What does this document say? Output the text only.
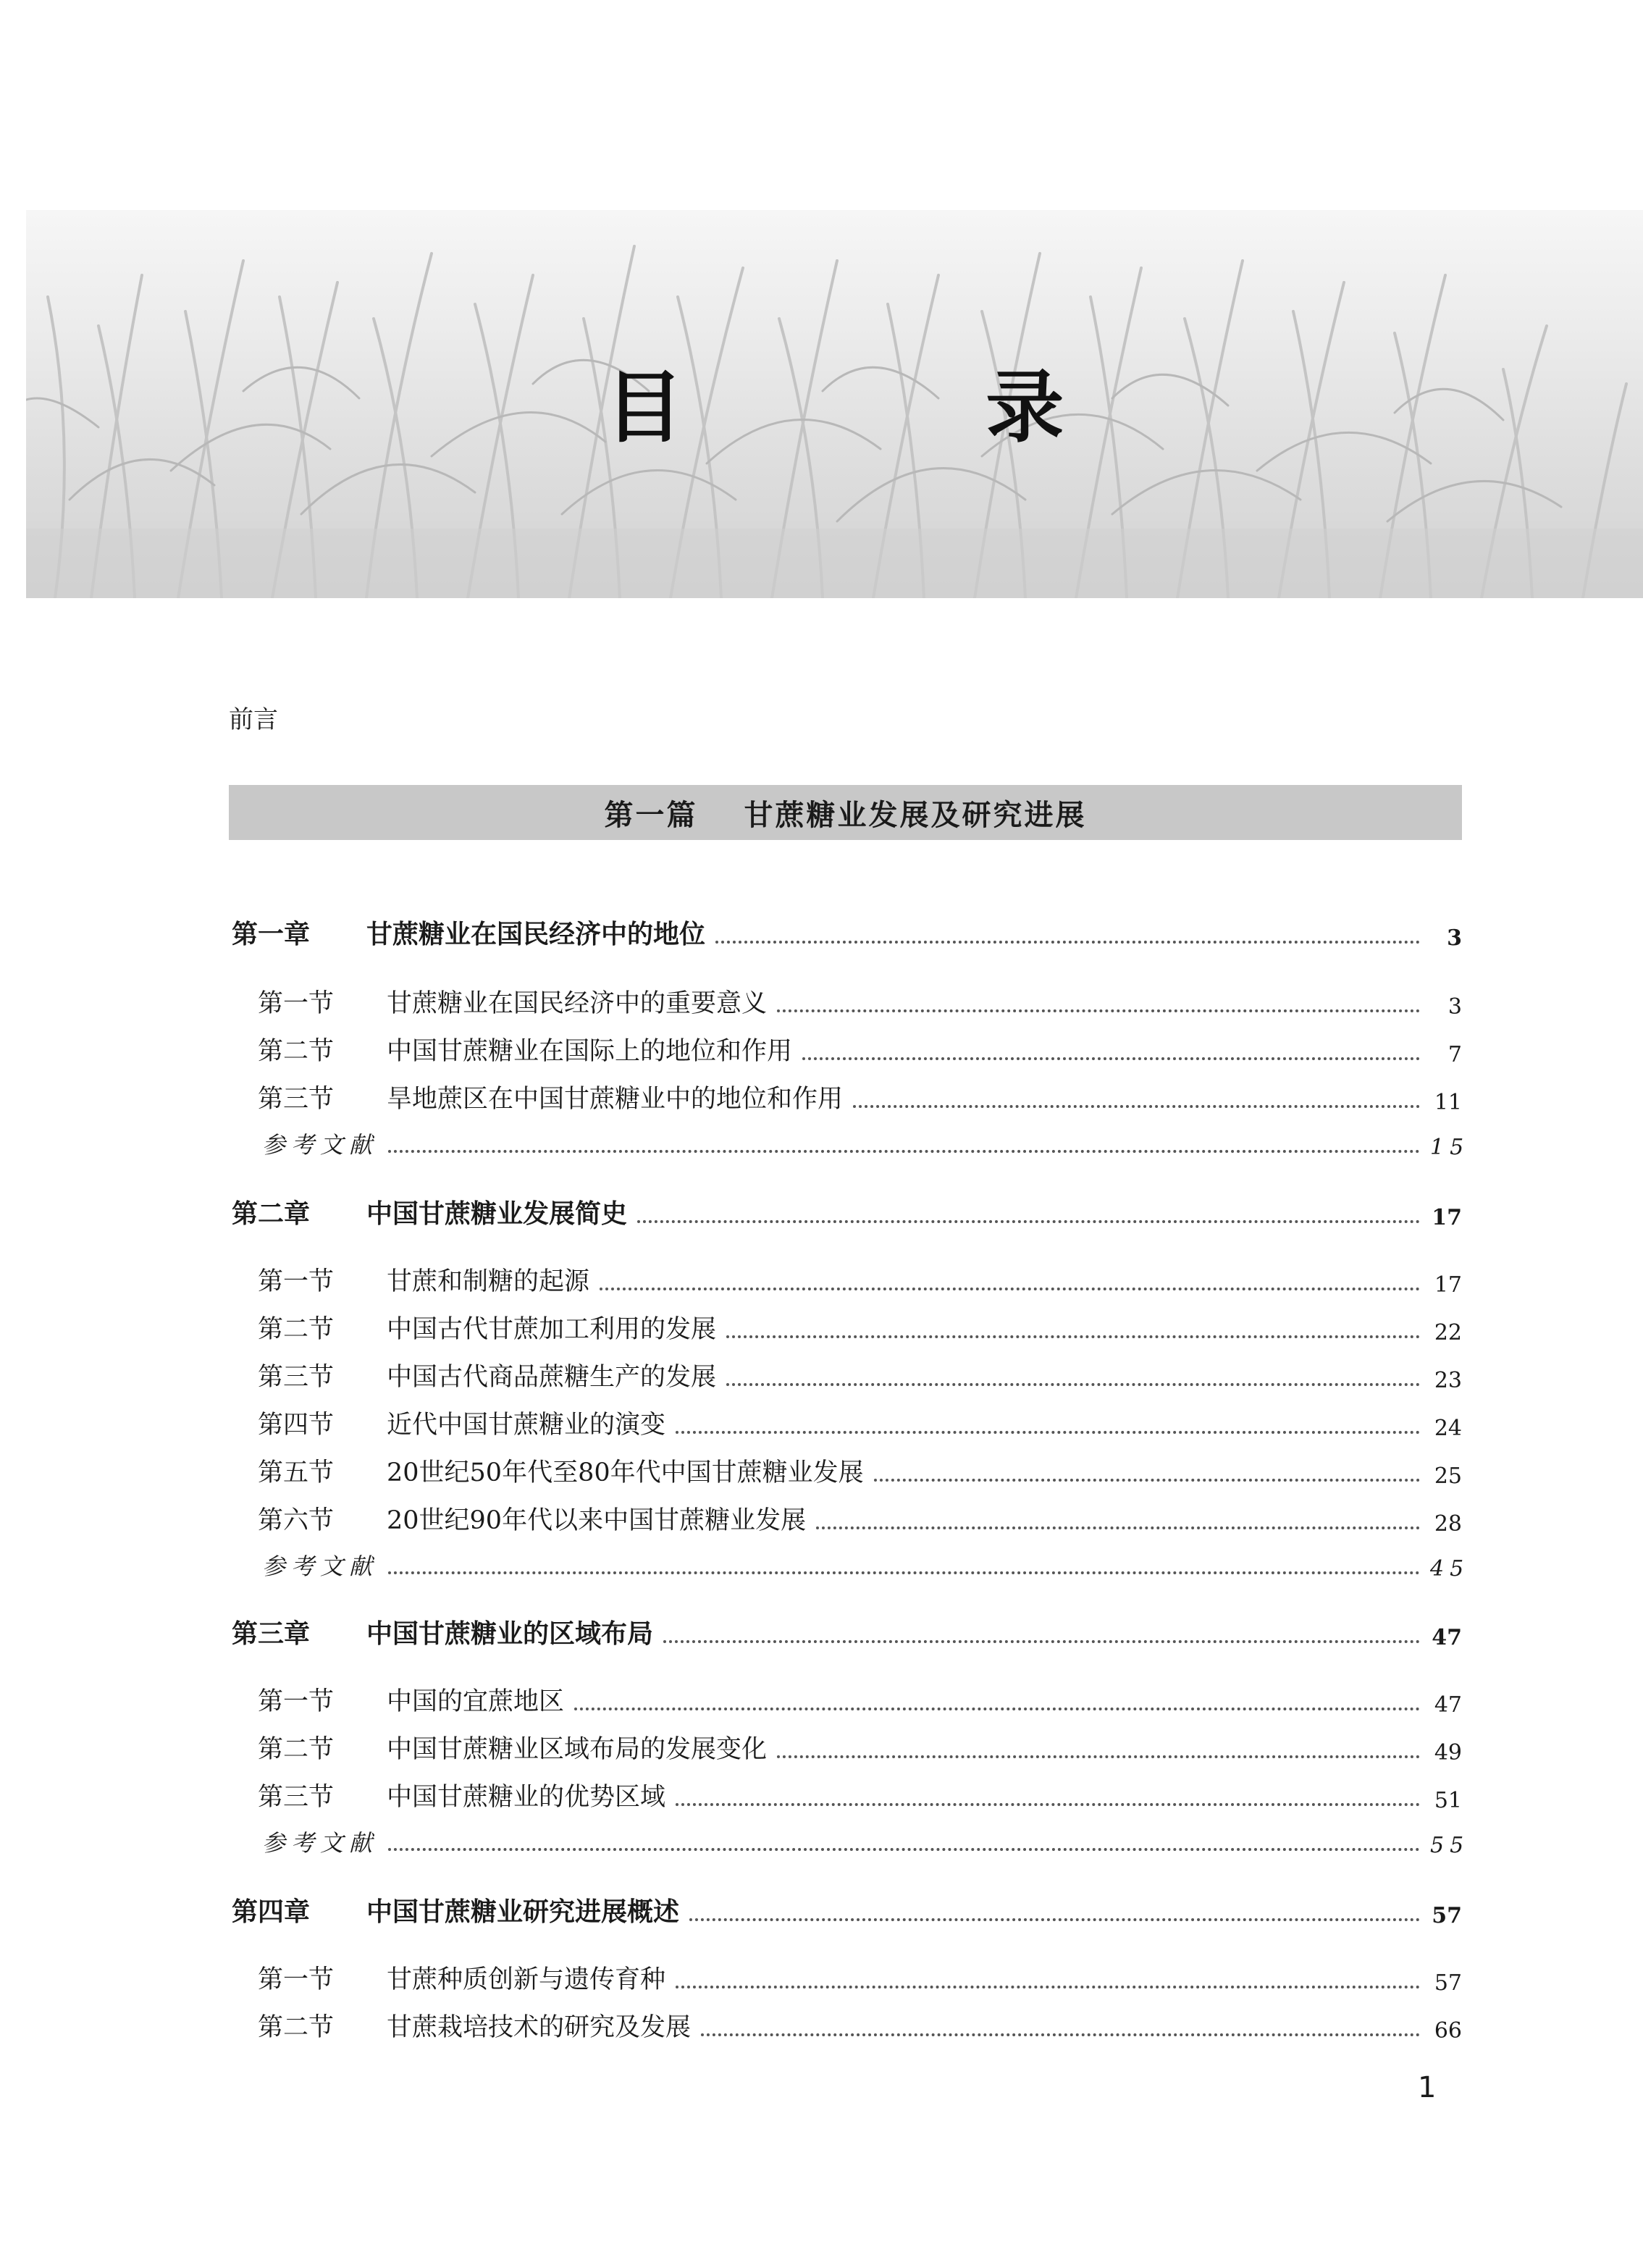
目 录
前言
第一篇 甘蔗糖业发展及研究进展
第一章 甘蔗糖业在国民经济中的地位	3
第一节 甘蔗糖业在国民经济中的重要意义	3
第二节 中国甘蔗糖业在国际上的地位和作用	7
第三节 旱地蔗区在中国甘蔗糖业中的地位和作用	11
参考文献	15
第二章 中国甘蔗糖业发展简史	17
第一节 甘蔗和制糖的起源	17
第二节 中国古代甘蔗加工利用的发展	22
第三节 中国古代商品蔗糖生产的发展	23
第四节 近代中国甘蔗糖业的演变	24
第五节 20世纪50年代至80年代中国甘蔗糖业发展	25
第六节 20世纪90年代以来中国甘蔗糖业发展	28
参考文献	45
第三章 中国甘蔗糖业的区域布局	47
第一节 中国的宜蔗地区	47
第二节 中国甘蔗糖业区域布局的发展变化	49
第三节 中国甘蔗糖业的优势区域	51
参考文献	55
第四章 中国甘蔗糖业研究进展概述	57
第一节 甘蔗种质创新与遗传育种	57
第二节 甘蔗栽培技术的研究及发展	66
1
